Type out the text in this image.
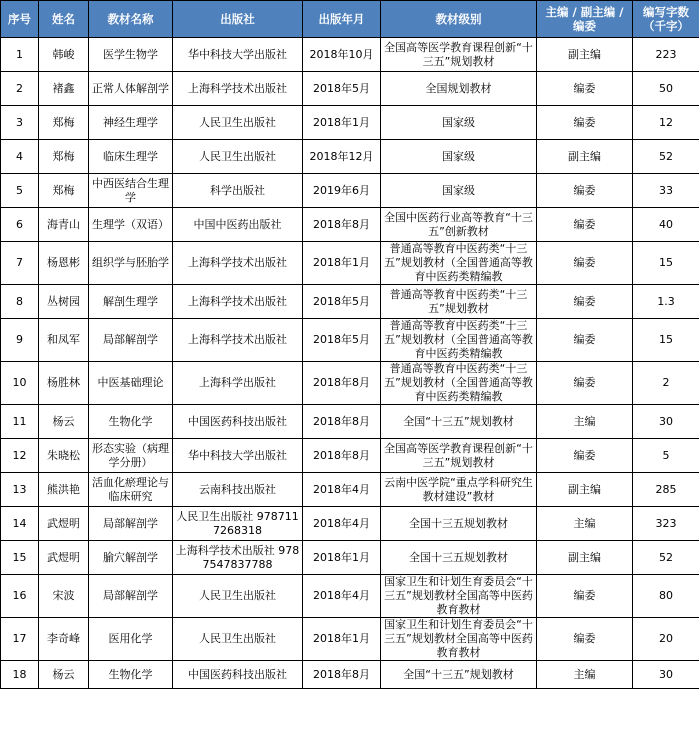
序号	姓名	教材名称	出版社	出版年月	教材级别	主编 / 副主编 / 编委	编写字数（千字）
1	韩峻	医学生物学	华中科技大学出版社	2018年10月	全国高等医学教育课程创新“十三五”规划教材	副主编	223
2	褚鑫	正常人体解剖学	上海科学技术出版社	2018年5月	全国规划教材	编委	50
3	郑梅	神经生理学	人民卫生出版社	2018年1月	国家级	编委	12
4	郑梅	临床生理学	人民卫生出版社	2018年12月	国家级	副主编	52
5	郑梅	中西医结合生理学	科学出版社	2019年6月	国家级	编委	33
6	海青山	生理学（双语）	中国中医药出版社	2018年8月	全国中医药行业高等教育“十三五”创新教材	编委	40
7	杨恩彬	组织学与胚胎学	上海科学技术出版社	2018年1月	普通高等教育中医药类“十三五”规划教材（全国普通高等教育中医药类精编教	编委	15
8	丛树园	解剖生理学	上海科学技术出版社	2018年5月	普通高等教育中医药类“十三五”规划教材	编委	1.3
9	和凤军	局部解剖学	上海科学技术出版社	2018年5月	普通高等教育中医药类“十三五”规划教材（全国普通高等教育中医药类精编教	编委	15
10	杨胜林	中医基础理论	上海科学出版社	2018年8月	普通高等教育中医药类“十三五”规划教材（全国普通高等教育中医药类精编教	编委	2
11	杨云	生物化学	中国医药科技出版社	2018年8月	全国“十三五”规划教材	主编	30
12	朱晓松	形态实验（病理学分册）	华中科技大学出版社	2018年8月	全国高等医学教育课程创新“十三五”规划教材	编委	5
13	熊洪艳	活血化瘀理论与临床研究	云南科技出版社	2018年4月	云南中医学院“重点学科研究生教材建设”教材	副主编	285
14	武煜明	局部解剖学	人民卫生出版社 9787117268318	2018年4月	全国十三五规划教材	主编	323
15	武煜明	腧穴解剖学	上海科学技术出版社 9787547837788	2018年1月	全国十三五规划教材	副主编	52
16	宋波	局部解剖学	人民卫生出版社	2018年4月	国家卫生和计划生育委员会“十三五”规划教材全国高等中医药教育教材	编委	80
17	李奇峰	医用化学	人民卫生出版社	2018年1月	国家卫生和计划生育委员会“十三五”规划教材全国高等中医药教育教材	编委	20
18	杨云	生物化学	中国医药科技出版社	2018年8月	全国“十三五”规划教材	主编	30
